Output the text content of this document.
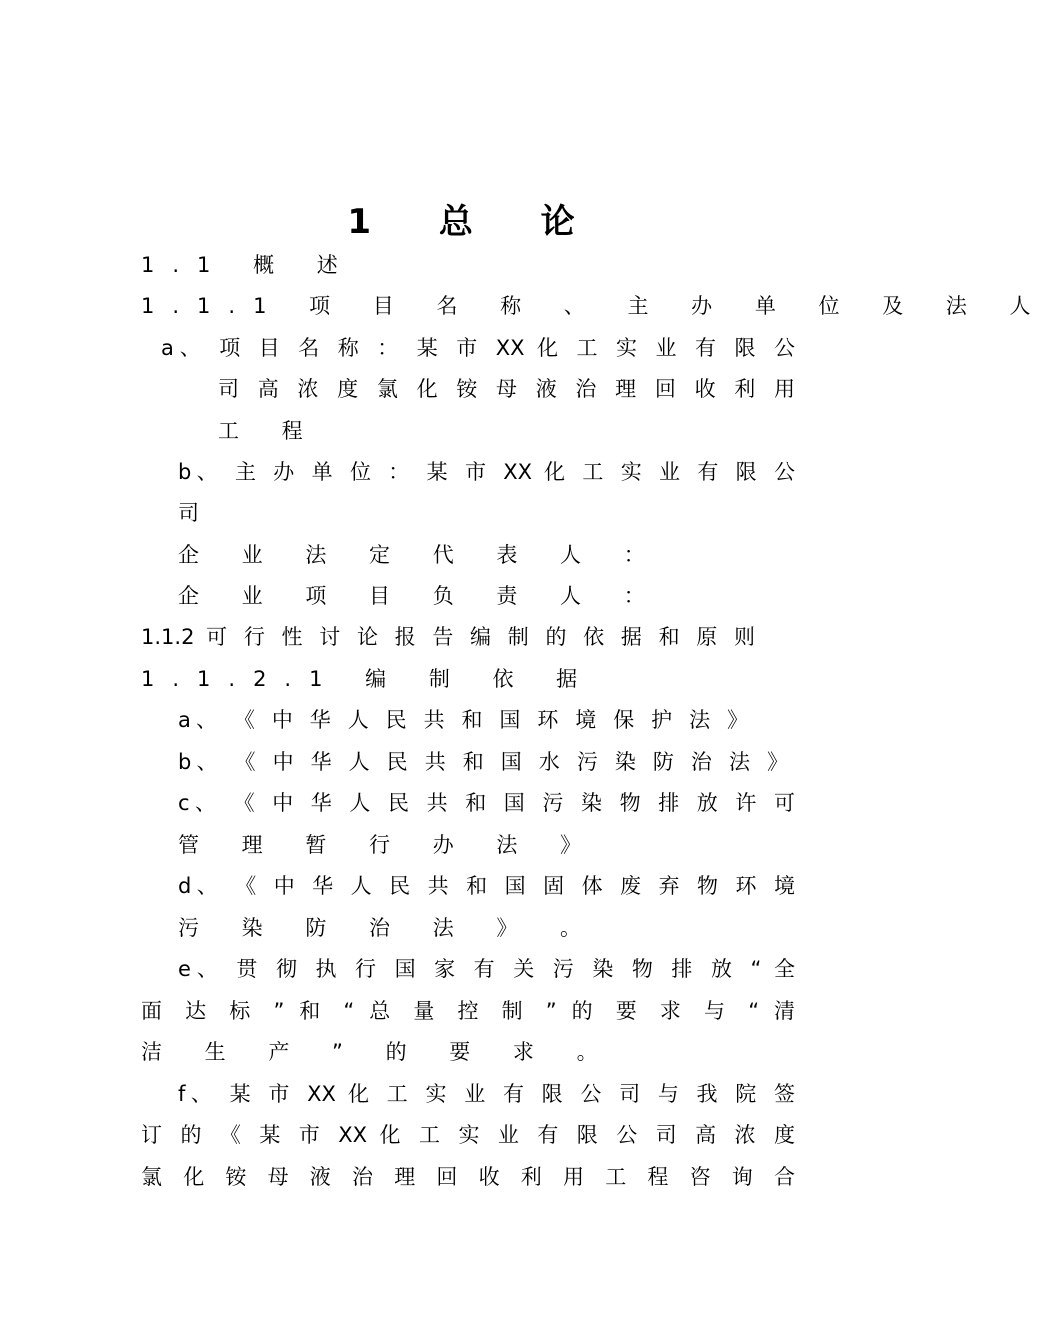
1 总 论
1.1 概 述
1.1.1 项 目 名 称 、 主 办 单 位 及 法 人
a、 项 目 名 称 ： 某 市 XX 化 工 实 业 有 限 公
司 高 浓 度 氯 化 铵 母 液 治 理 回 收 利 用
工 程
b、 主 办 单 位 ： 某 市 XX 化 工 实 业 有 限 公
司
企 业 法 定 代 表 人 ：
企 业 项 目 负 责 人 ：
1.1.2 可 行 性 讨 论 报 告 编 制 的 依 据 和 原 则
1.1.2.1 编 制 依 据
a、 《 中 华 人 民 共 和 国 环 境 保 护 法 》
b、 《 中 华 人 民 共 和 国 水 污 染 防 治 法 》
c、 《 中 华 人 民 共 和 国 污 染 物 排 放 许 可
管 理 暂 行 办 法 》
d、 《 中 华 人 民 共 和 国 固 体 废 弃 物 环 境
污 染 防 治 法 》 。
e、 贯 彻 执 行 国 家 有 关 污 染 物 排 放 “ 全
面 达 标 ” 和 “ 总 量 控 制 ” 的 要 求 与 “ 清
洁 生 产 ” 的 要 求 。
f、 某 市 XX 化 工 实 业 有 限 公 司 与 我 院 签
订 的 《 某 市 XX 化 工 实 业 有 限 公 司 高 浓 度
氯 化 铵 母 液 治 理 回 收 利 用 工 程 咨 询 合
